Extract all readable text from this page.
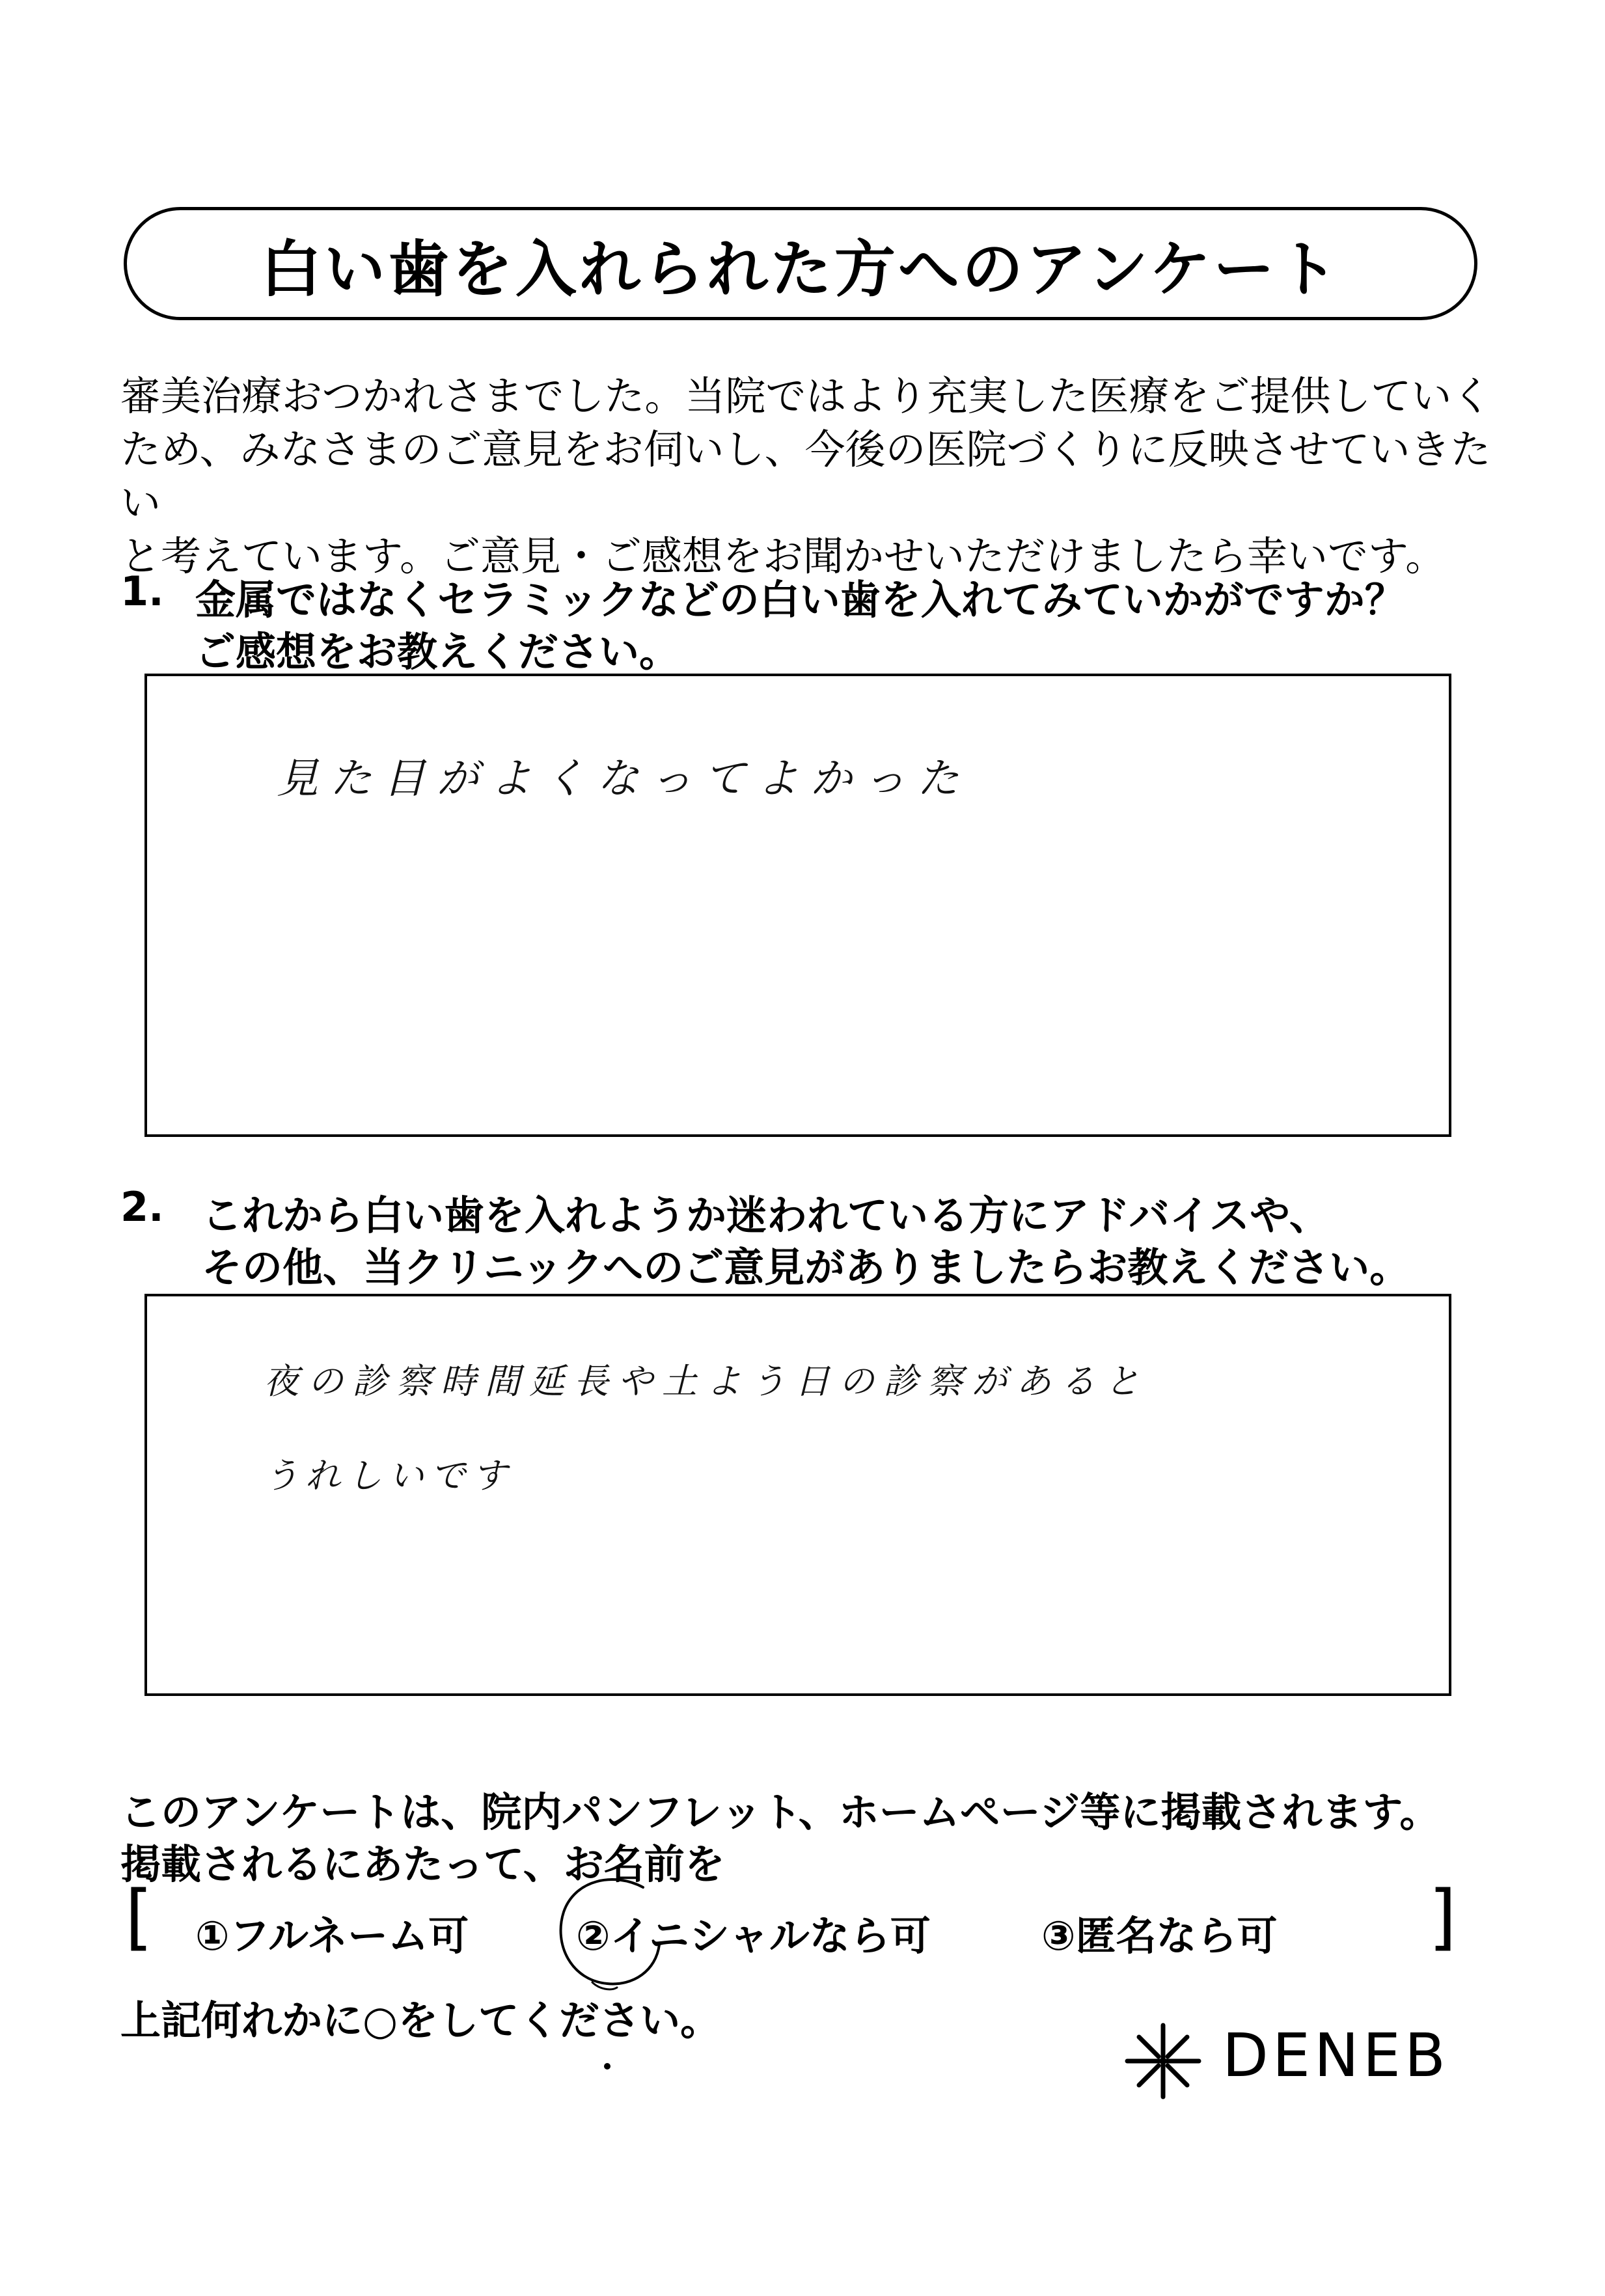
白い歯を入れられた方へのアンケート
審美治療おつかれさまでした。当院ではより充実した医療をご提供していく
ため、みなさまのご意見をお伺いし、今後の医院づくりに反映させていきたい
と考えています。ご意見・ご感想をお聞かせいただけましたら幸いです。
1. 金属ではなくセラミックなどの白い歯を入れてみていかがですか？
ご感想をお教えください。
見た目がよくなってよかった
2. これから白い歯を入れようか迷われている方にアドバイスや、
その他、当クリニックへのご意見がありましたらお教えください。
夜の診察時間延長や土よう日の診察があると
うれしいです
このアンケートは、院内パンフレット、ホームページ等に掲載されます。
掲載されるにあたって、お名前を
[ ①フルネーム可	②イニシャルなら可	③匿名なら可 ]
上記何れかに○をしてください。
DENEB
